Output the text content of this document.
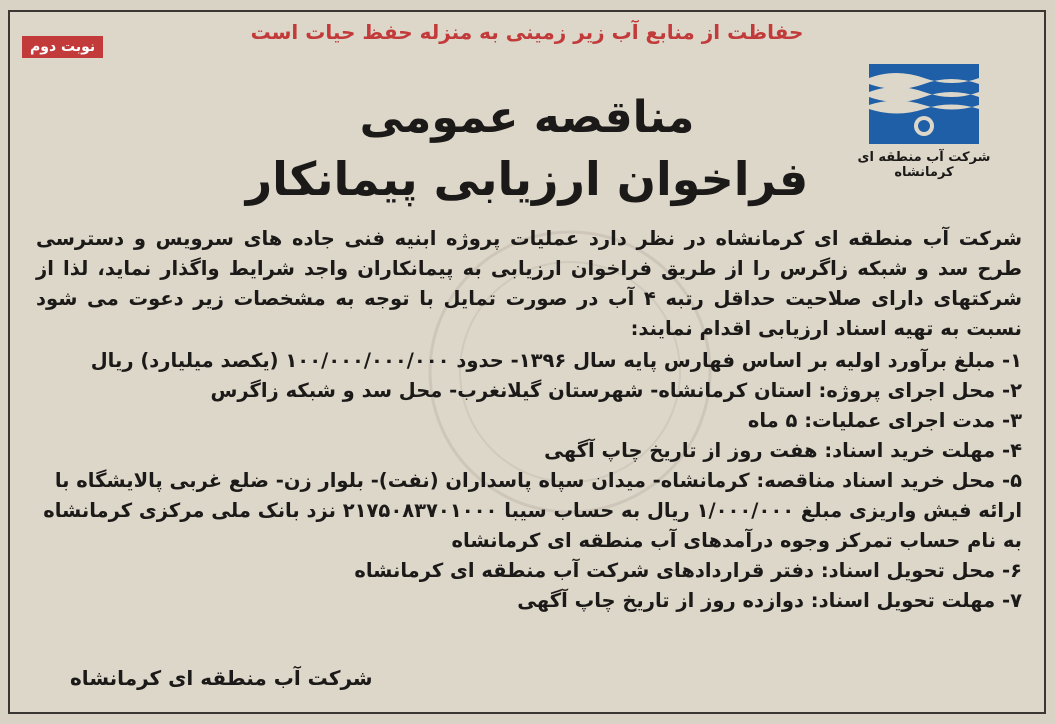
حفاظت از منابع آب زیر زمینی به منزله حفظ حیات است
نوبت دوم
شرکت آب منطقه ای کرمانشاه
مناقصه عمومی
فراخوان ارزیابی پیمانکار
شرکت آب منطقه ای کرمانشاه در نظر دارد عملیات پروژه ابنیه فنی جاده های سرویس و دسترسی طرح سد و شبکه زاگرس را از طریق فراخوان ارزیابی به پیمانکاران واجد شرایط واگذار نماید، لذا از شرکتهای دارای صلاحیت حداقل رتبه ۴ آب در صورت تمایل با توجه به مشخصات زیر دعوت می شود نسبت به تهیه اسناد ارزیابی اقدام نمایند:
۱- مبلغ برآورد اولیه بر اساس فهارس پایه سال ۱۳۹۶- حدود ۱۰۰/۰۰۰/۰۰۰/۰۰۰ (یکصد میلیارد) ریال
۲- محل اجرای پروژه: استان کرمانشاه- شهرستان گیلانغرب- محل سد و شبکه زاگرس
۳- مدت اجرای عملیات: ۵ ماه
۴- مهلت خرید اسناد: هفت روز از تاریخ چاپ آگهی
۵- محل خرید اسناد مناقصه: کرمانشاه- میدان سپاه پاسداران (نفت)- بلوار زن- ضلع غربی پالایشگاه با ارائه فیش واریزی مبلغ ۱/۰۰۰/۰۰۰ ریال به حساب سیبا ۲۱۷۵۰۸۳۷۰۱۰۰۰ نزد بانک ملی مرکزی کرمانشاه به نام حساب تمرکز وجوه درآمدهای آب منطقه ای کرمانشاه
۶- محل تحویل اسناد: دفتر قراردادهای شرکت آب منطقه ای کرمانشاه
۷- مهلت تحویل اسناد: دوازده روز از تاریخ چاپ آگهی
شرکت آب منطقه ای کرمانشاه
